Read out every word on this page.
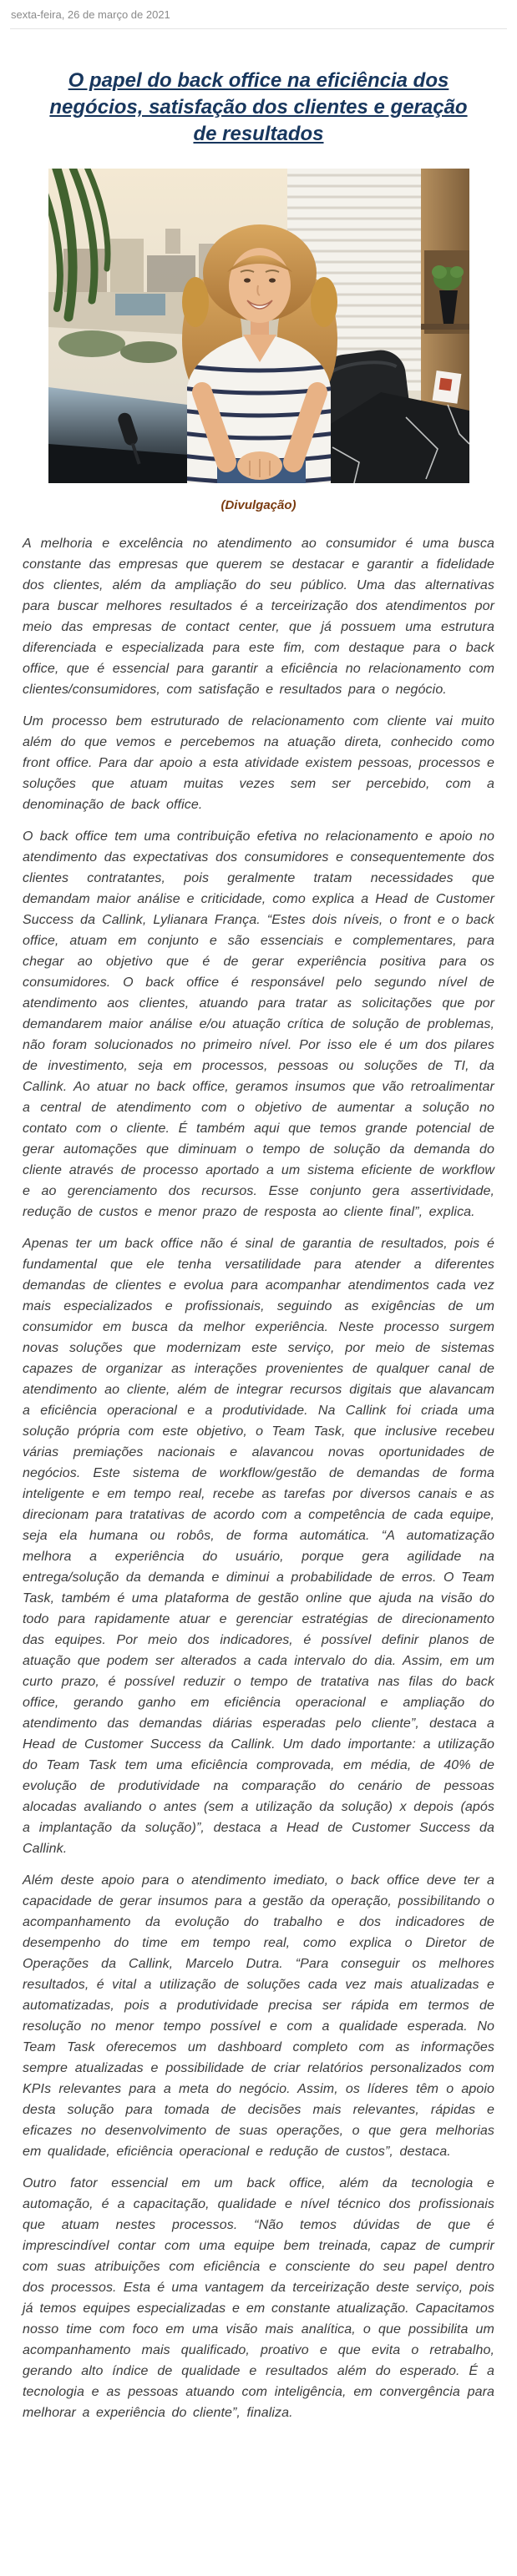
sexta-feira, 26 de março de 2021
O papel do back office na eficiência dos negócios, satisfação dos clientes e geração de resultados
(Divulgação)

A melhoria e excelência no atendimento ao consumidor é uma busca constante das empresas que querem se destacar e garantir a fidelidade dos clientes, além da ampliação do seu público. Uma das alternativas para buscar melhores resultados é a terceirização dos atendimentos por meio das empresas de contact center, que já possuem uma estrutura diferenciada e especializada para este fim, com destaque para o back office, que é essencial para garantir a eficiência no relacionamento com clientes/consumidores, com satisfação e resultados para o negócio.

Um processo bem estruturado de relacionamento com cliente vai muito além do que vemos e percebemos na atuação direta, conhecido como front office. Para dar apoio a esta atividade existem pessoas, processos e soluções que atuam muitas vezes sem ser percebido, com a denominação de back office.

O back office tem uma contribuição efetiva no relacionamento e apoio no atendimento das expectativas dos consumidores e consequentemente dos clientes contratantes, pois geralmente tratam necessidades que demandam maior análise e criticidade, como explica a Head de Customer Success da Callink, Lylianara França. “Estes dois níveis, o front e o back office, atuam em conjunto e são essenciais e complementares, para chegar ao objetivo que é de gerar experiência positiva para os consumidores. O back office é responsável pelo segundo nível de atendimento aos clientes, atuando para tratar as solicitações que por demandarem maior análise e/ou atuação crítica de solução de problemas, não foram solucionados no primeiro nível. Por isso ele é um dos pilares de investimento, seja em processos, pessoas ou soluções de TI, da Callink. Ao atuar no back office, geramos insumos que vão retroalimentar a central de atendimento com o objetivo de aumentar a solução no contato com o cliente. É também aqui que temos grande potencial de gerar automações que diminuam o tempo de solução da demanda do cliente através de processo aportado a um sistema eficiente de workflow e ao gerenciamento dos recursos. Esse conjunto gera assertividade, redução de custos e menor prazo de resposta ao cliente final”, explica.

Apenas ter um back office não é sinal de garantia de resultados, pois é fundamental que ele tenha versatilidade para atender a diferentes demandas de clientes e evolua para acompanhar atendimentos cada vez mais especializados e profissionais, seguindo as exigências de um consumidor em busca da melhor experiência. Neste processo surgem novas soluções que modernizam este serviço, por meio de sistemas capazes de organizar as interações provenientes de qualquer canal de atendimento ao cliente, além de integrar recursos digitais que alavancam a eficiência operacional e a produtividade. Na Callink foi criada uma solução própria com este objetivo, o Team Task, que inclusive recebeu várias premiações nacionais e alavancou novas oportunidades de negócios. Este sistema de workflow/gestão de demandas de forma inteligente e em tempo real, recebe as tarefas por diversos canais e as direcionam para tratativas de acordo com a competência de cada equipe, seja ela humana ou robôs, de forma automática. “A automatização melhora a experiência do usuário, porque gera agilidade na entrega/solução da demanda e diminui a probabilidade de erros. O Team Task, também é uma plataforma de gestão online que ajuda na visão do todo para rapidamente atuar e gerenciar estratégias de direcionamento das equipes. Por meio dos indicadores, é possível definir planos de atuação que podem ser alterados a cada intervalo do dia. Assim, em um curto prazo, é possível reduzir o tempo de tratativa nas filas do back office, gerando ganho em eficiência operacional e ampliação do atendimento das demandas diárias esperadas pelo cliente”, destaca a Head de Customer Success da Callink. Um dado importante: a utilização do Team Task tem uma eficiência comprovada, em média, de 40% de evolução de produtividade na comparação do cenário de pessoas alocadas avaliando o antes (sem a utilização da solução) x depois (após a implantação da solução)”, destaca a Head de Customer Success da Callink.

Além deste apoio para o atendimento imediato, o back office deve ter a capacidade de gerar insumos para a gestão da operação, possibilitando o acompanhamento da evolução do trabalho e dos indicadores de desempenho do time em tempo real, como explica o Diretor de Operações da Callink, Marcelo Dutra. “Para conseguir os melhores resultados, é vital a utilização de soluções cada vez mais atualizadas e automatizadas, pois a produtividade precisa ser rápida em termos de resolução no menor tempo possível e com a qualidade esperada. No Team Task oferecemos um dashboard completo com as informações sempre atualizadas e possibilidade de criar relatórios personalizados com KPIs relevantes para a meta do negócio. Assim, os líderes têm o apoio desta solução para tomada de decisões mais relevantes, rápidas e eficazes no desenvolvimento de suas operações, o que gera melhorias em qualidade, eficiência operacional e redução de custos”, destaca.

Outro fator essencial em um back office, além da tecnologia e automação, é a capacitação, qualidade e nível técnico dos profissionais que atuam nestes processos. “Não temos dúvidas de que é imprescindível contar com uma equipe bem treinada, capaz de cumprir com suas atribuições com eficiência e consciente do seu papel dentro dos processos. Esta é uma vantagem da terceirização deste serviço, pois já temos equipes especializadas e em constante atualização. Capacitamos nosso time com foco em uma visão mais analítica, o que possibilita um acompanhamento mais qualificado, proativo e que evita o retrabalho, gerando alto índice de qualidade e resultados além do esperado. É a tecnologia e as pessoas atuando com inteligência, em convergência para melhorar a experiência do cliente”, finaliza.
